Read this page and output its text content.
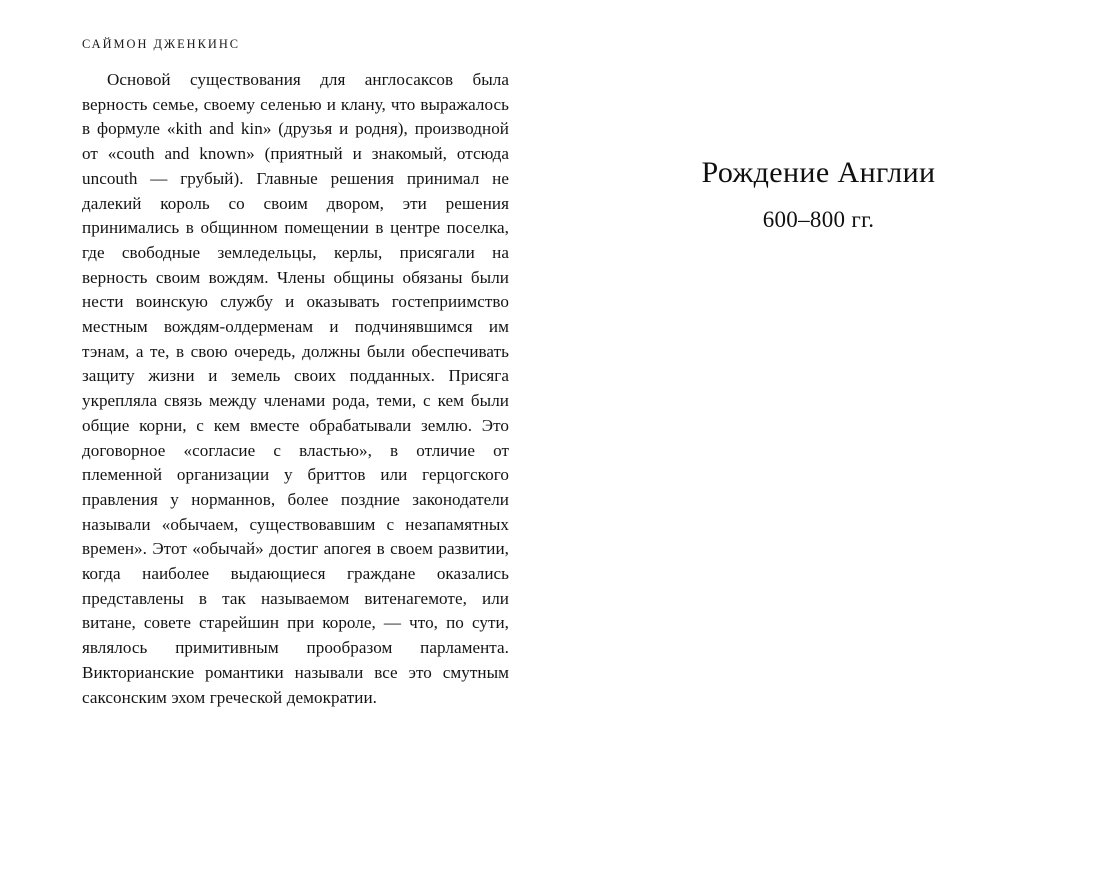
САЙМОН ДЖЕНКИНС

Основой существования для англосаксов была верность семье, своему селенью и клану, что выражалось в формуле «kith and kin» (друзья и родня), производной от «couth and known» (приятный и знакомый, отсюда uncouth — грубый). Главные решения принимал не далекий король со своим двором, эти решения принимались в общинном помещении в центре поселка, где свободные земледельцы, керлы, присягали на верность своим вождям. Члены общины обязаны были нести воинскую службу и оказывать гостеприимство местным вождям-олдерменам и подчинявшимся им тэнам, а те, в свою очередь, должны были обеспечивать защиту жизни и земель своих подданных. Присяга укрепляла связь между членами рода, теми, с кем были общие корни, с кем вместе обрабатывали землю. Это договорное «согласие с властью», в отличие от племенной организации у бриттов или герцогского правления у норманнов, более поздние законодатели называли «обычаем, существовавшим с незапамятных времен». Этот «обычай» достиг апогея в своем развитии, когда наиболее выдающиеся граждане оказались представлены в так называемом витенагемоте, или витане, совете старейшин при короле, — что, по сути, являлось примитивным прообразом парламента. Викторианские романтики называли все это смутным саксонским эхом греческой демократии.

Рождение Англии
600–800 гг.
